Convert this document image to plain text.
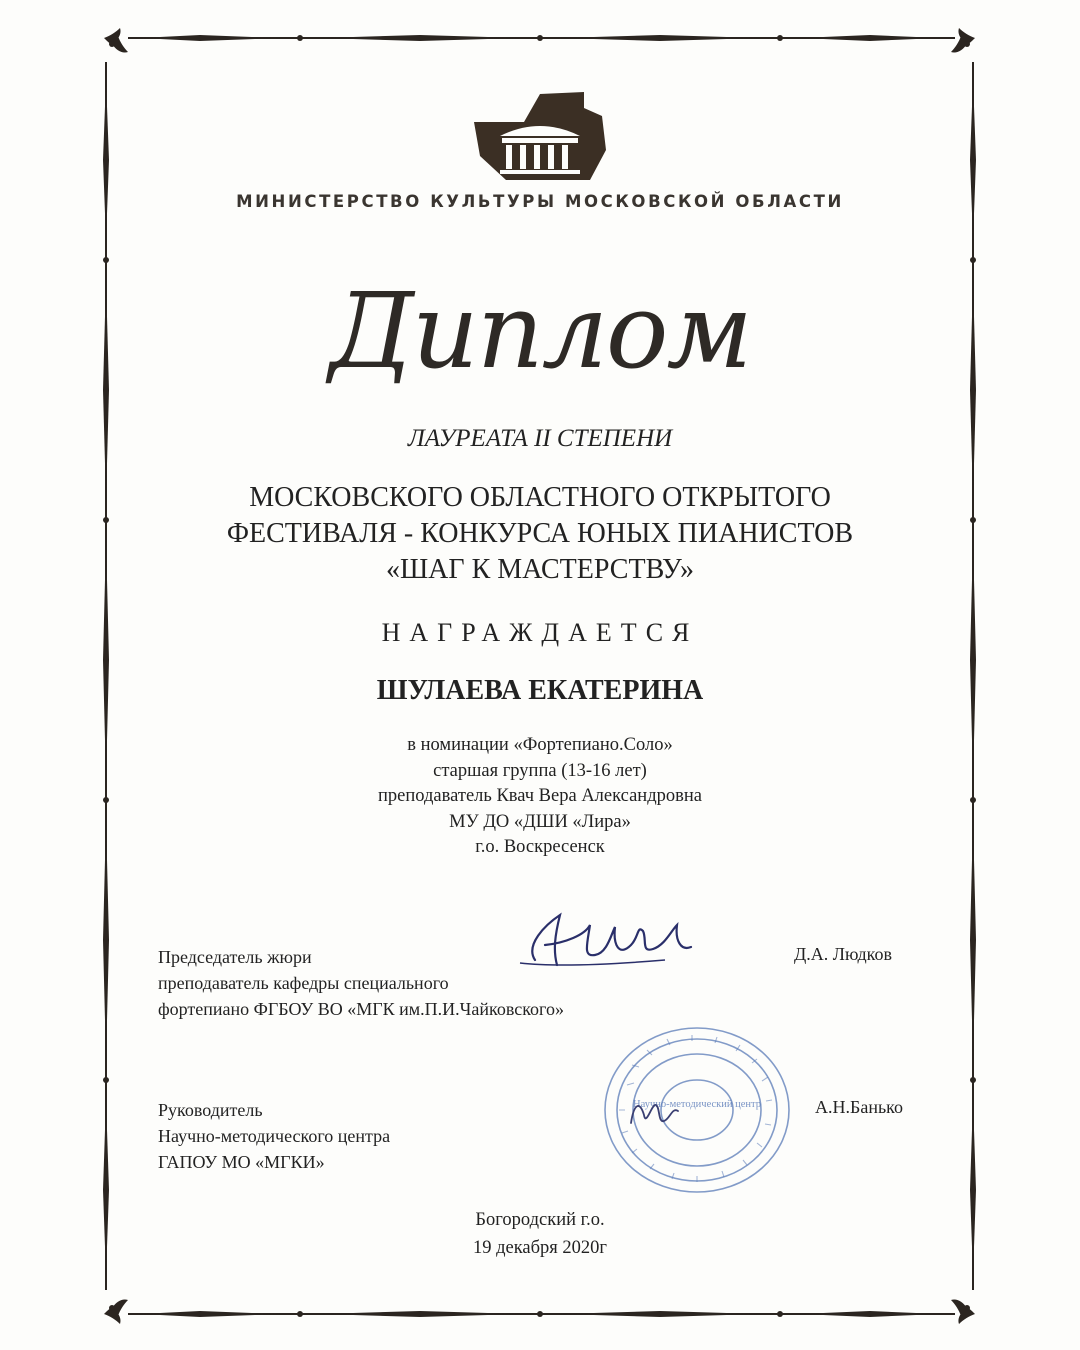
МИНИСТЕРСТВО КУЛЬТУРЫ МОСКОВСКОЙ ОБЛАСТИ
Диплом
ЛАУРЕАТА II СТЕПЕНИ
МОСКОВСКОГО ОБЛАСТНОГО ОТКРЫТОГО
ФЕСТИВАЛЯ - КОНКУРСА ЮНЫХ ПИАНИСТОВ
«ШАГ К МАСТЕРСТВУ»
НАГРАЖДАЕТСЯ
ШУЛАЕВА ЕКАТЕРИНА
в номинации «Фортепиано.Соло»
старшая группа (13-16 лет)
преподаватель Квач Вера Александровна
МУ ДО «ДШИ «Лира»
г.о. Воскресенск
Председатель жюри
преподаватель кафедры специального
фортепиано ФГБОУ ВО «МГК им.П.И.Чайковского»
Д.А. Людков
Научно-методический центр
Руководитель
Научно-методического центра
ГАПОУ МО «МГКИ»
А.Н.Банько
Богородский г.о.
19 декабря 2020г
